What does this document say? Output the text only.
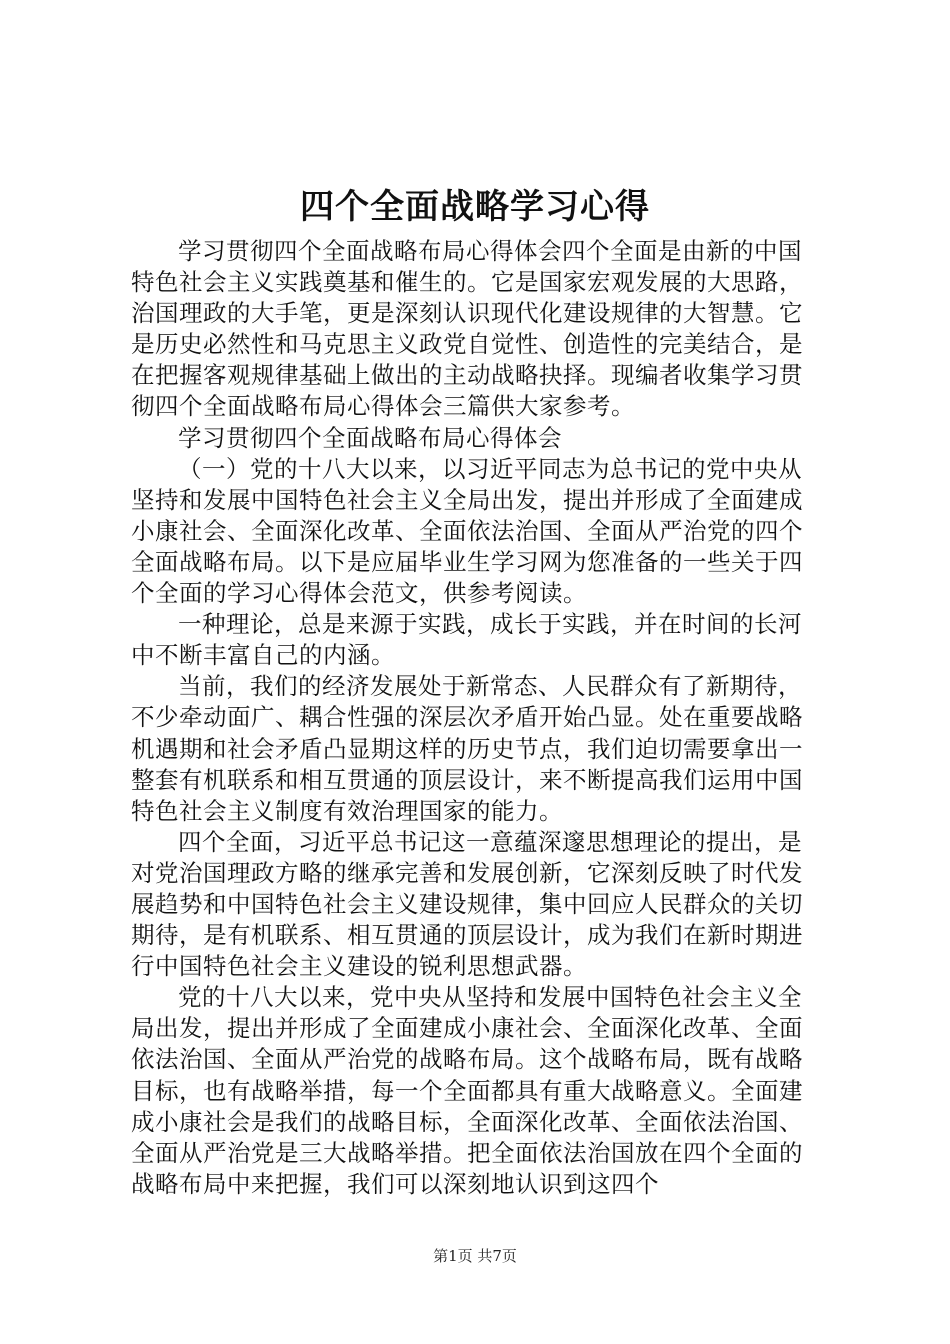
四个全面战略学习心得

学习贯彻四个全面战略布局心得体会四个全面是由新的中国特色社会主义实践奠基和催生的。它是国家宏观发展的大思路，治国理政的大手笔，更是深刻认识现代化建设规律的大智慧。它是历史必然性和马克思主义政党自觉性、创造性的完美结合，是在把握客观规律基础上做出的主动战略抉择。现编者收集学习贯彻四个全面战略布局心得体会三篇供大家参考。

学习贯彻四个全面战略布局心得体会

（一）党的十八大以来，以习近平同志为总书记的党中央从坚持和发展中国特色社会主义全局出发，提出并形成了全面建成小康社会、全面深化改革、全面依法治国、全面从严治党的四个全面战略布局。以下是应届毕业生学习网为您准备的一些关于四个全面的学习心得体会范文，供参考阅读。

一种理论，总是来源于实践，成长于实践，并在时间的长河中不断丰富自己的内涵。

当前，我们的经济发展处于新常态、人民群众有了新期待，不少牵动面广、耦合性强的深层次矛盾开始凸显。处在重要战略机遇期和社会矛盾凸显期这样的历史节点，我们迫切需要拿出一整套有机联系和相互贯通的顶层设计，来不断提高我们运用中国特色社会主义制度有效治理国家的能力。

四个全面，习近平总书记这一意蕴深邃思想理论的提出，是对党治国理政方略的继承完善和发展创新，它深刻反映了时代发展趋势和中国特色社会主义建设规律，集中回应人民群众的关切期待，是有机联系、相互贯通的顶层设计，成为我们在新时期进行中国特色社会主义建设的锐利思想武器。

党的十八大以来，党中央从坚持和发展中国特色社会主义全局出发，提出并形成了全面建成小康社会、全面深化改革、全面依法治国、全面从严治党的战略布局。这个战略布局，既有战略目标，也有战略举措，每一个全面都具有重大战略意义。全面建成小康社会是我们的战略目标，全面深化改革、全面依法治国、全面从严治党是三大战略举措。把全面依法治国放在四个全面的战略布局中来把握，我们可以深刻地认识到这四个

第1页 共7页
